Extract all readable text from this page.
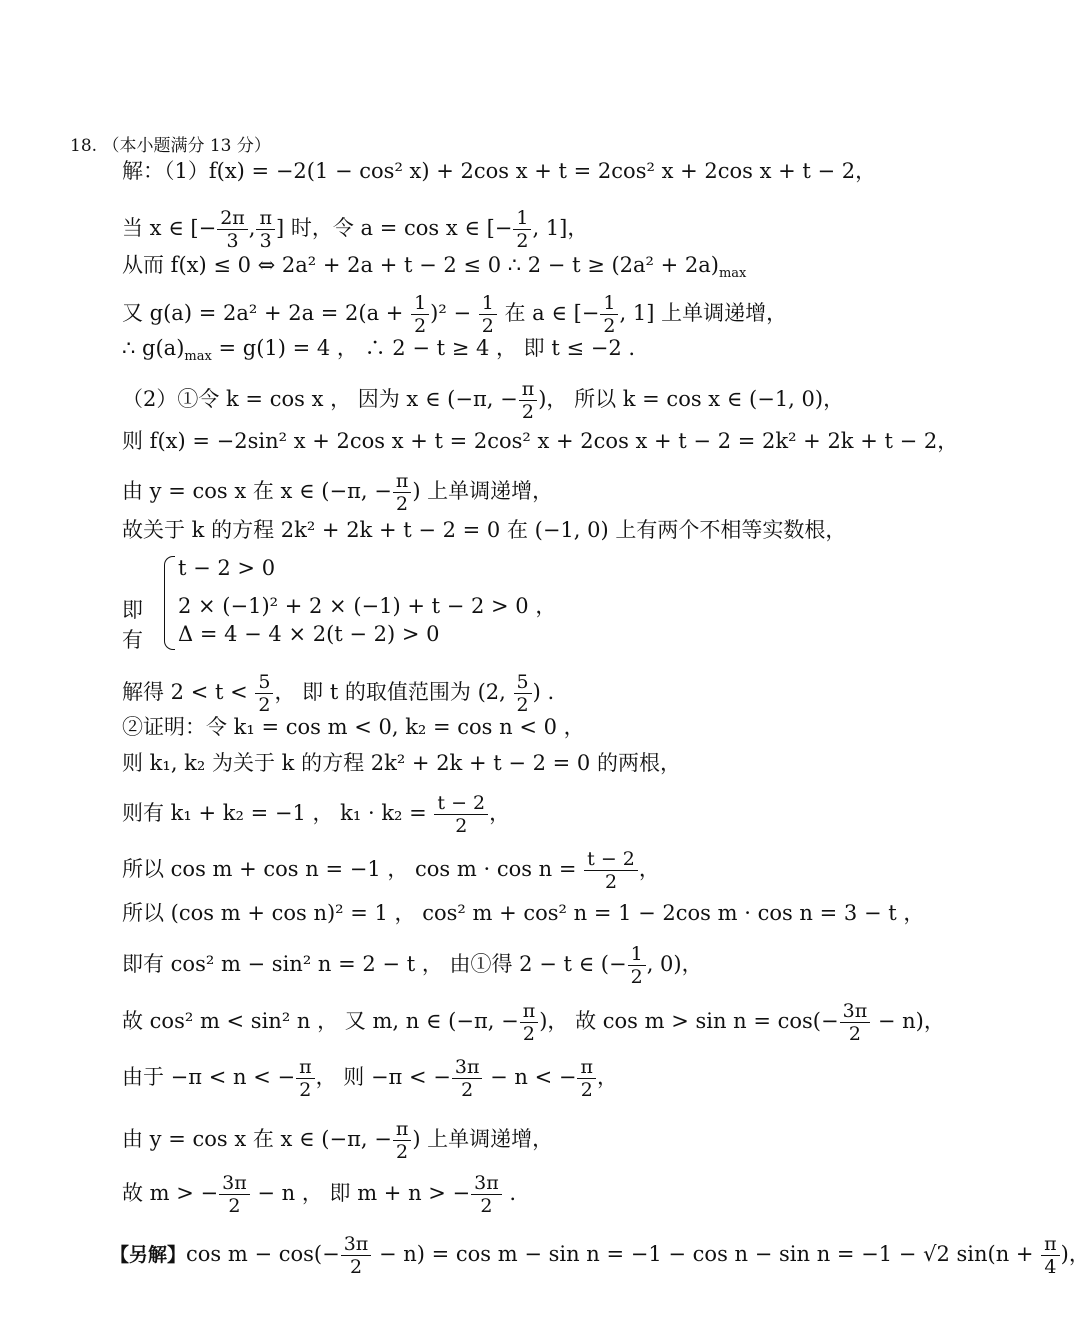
18. （本小题满分 13 分）
解：（1）f(x) = −2(1 − cos² x) + 2cos x + t = 2cos² x + 2cos x + t − 2，
当 x ∈ [− $\frac{2\pi}{3}$ , $\frac{\pi}{3}$ ] 时，令 a = cos x ∈ [− $\frac{1}{2}$ , 1]，
从而 f(x) ≤ 0 ⇔ 2a² + 2a + t − 2 ≤ 0 ∴ $2 - t \ge (2a^2 + 2a)_{max}$
又 $g(a) = 2a^2 + 2a = 2(a + \frac{1}{2} )^2 - \frac{1}{2}$ 在 a ∈ [− $\frac{1}{2}$ , 1] 上单调递增，
∴ $g(a)_{max} = g(1) = 4$ ， ∴ 2 − t ≥ 4 ， 即 t ≤ −2 .
（2）①令 k = cos x ， 因为 x ∈ (−π, − $\frac{\pi}{2}$ )， 所以 k = cos x ∈ (−1, 0)，
则 f(x) = −2sin² x + 2cos x + t = 2cos² x + 2cos x + t − 2 = 2k² + 2k + t − 2，
由 y = cos x 在 x ∈ (−π, − $\frac{\pi}{2}$ ) 上单调递增，
故关于 k 的方程 2k² + 2k + t − 2 = 0 在 (−1, 0) 上有两个不相等实数根，
即有
t − 2 > 0
2 × (−1)² + 2 × (−1) + t − 2 > 0 ，
Δ = 4 − 4 × 2(t − 2) > 0
解得 $2 < t < \frac{5}{2}$ ， 即 t 的取值范围为 (2, $\frac{5}{2}$ ) .
②证明：令 k₁ = cos m < 0, k₂ = cos n < 0 ，
则 k₁, k₂ 为关于 k 的方程 2k² + 2k + t − 2 = 0 的两根，
则有 k₁ + k₂ = −1 ， $k_1 \cdot k_2 = \frac{t - 2}{2}$ ，
所以 cos m + cos n = −1 ， $\cos m \cdot \cos n = \frac{t - 2}{2}$ ，
所以 (cos m + cos n)² = 1 ， cos² m + cos² n = 1 − 2cos m · cos n = 3 − t ，
即有 cos² m − sin² n = 2 − t ， 由①得 2 − t ∈ (− $\frac{1}{2}$ , 0)，
故 cos² m < sin² n ， 又 m, n ∈ (−π, − $\frac{\pi}{2}$ )， 故 $\cos m > \sin n = \cos(- \frac{3\pi}{2} - n)$，
由于 −π < n < − $\frac{\pi}{2}$ ， 则 −π < − $\frac{3\pi}{2} - n$ < − $\frac{\pi}{2}$ ，
由 y = cos x 在 x ∈ (−π, − $\frac{\pi}{2}$ ) 上单调递增，
故 m > − $\frac{3\pi}{2} - n$ ， 即 m + n > − $\frac{3\pi}{2}$ .
【另解】$\cos m - \cos(- \frac{3\pi}{2} - n) = \cos m - \sin n = -1 - \cos n - \sin n = -1 - √2$ $\sin(n + \frac{\pi}{4}$ )，
